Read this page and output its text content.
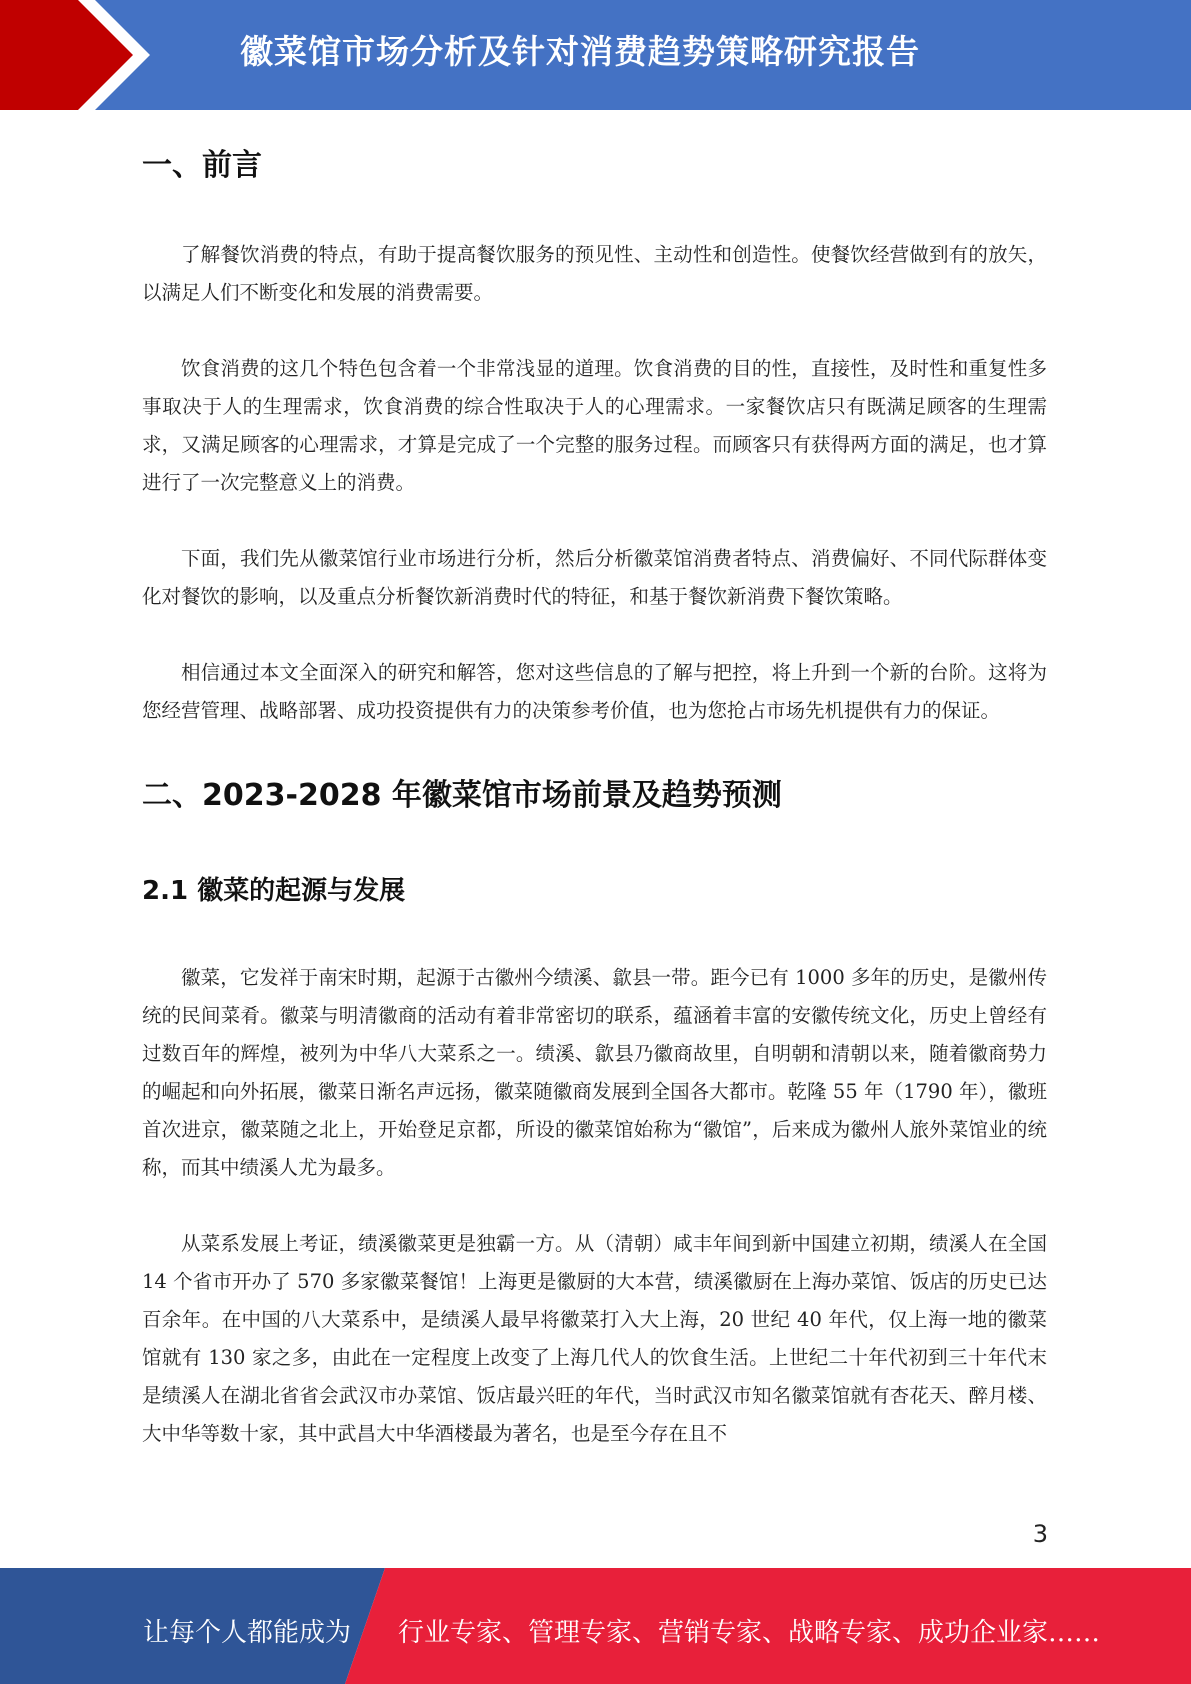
徽菜馆市场分析及针对消费趋势策略研究报告
一、前言

了解餐饮消费的特点，有助于提高餐饮服务的预见性、主动性和创造性。使餐饮经营做到有的放矢，以满足人们不断变化和发展的消费需要。

饮食消费的这几个特色包含着一个非常浅显的道理。饮食消费的目的性，直接性，及时性和重复性多事取决于人的生理需求，饮食消费的综合性取决于人的心理需求。一家餐饮店只有既满足顾客的生理需求，又满足顾客的心理需求，才算是完成了一个完整的服务过程。而顾客只有获得两方面的满足，也才算进行了一次完整意义上的消费。

下面，我们先从徽菜馆行业市场进行分析，然后分析徽菜馆消费者特点、消费偏好、不同代际群体变化对餐饮的影响，以及重点分析餐饮新消费时代的特征，和基于餐饮新消费下餐饮策略。

相信通过本文全面深入的研究和解答，您对这些信息的了解与把控，将上升到一个新的台阶。这将为您经营管理、战略部署、成功投资提供有力的决策参考价值，也为您抢占市场先机提供有力的保证。

二、2023-2028 年徽菜馆市场前景及趋势预测
2.1 徽菜的起源与发展

徽菜，它发祥于南宋时期，起源于古徽州今绩溪、歙县一带。距今已有 1000 多年的历史，是徽州传统的民间菜肴。徽菜与明清徽商的活动有着非常密切的联系，蕴涵着丰富的安徽传统文化，历史上曾经有过数百年的辉煌，被列为中华八大菜系之一。绩溪、歙县乃徽商故里，自明朝和清朝以来，随着徽商势力的崛起和向外拓展，徽菜日渐名声远扬，徽菜随徽商发展到全国各大都市。乾隆 55 年（1790 年），徽班首次进京，徽菜随之北上，开始登足京都，所设的徽菜馆始称为“徽馆”，后来成为徽州人旅外菜馆业的统称，而其中绩溪人尤为最多。

从菜系发展上考证，绩溪徽菜更是独霸一方。从（清朝）咸丰年间到新中国建立初期，绩溪人在全国 14 个省市开办了 570 多家徽菜餐馆！上海更是徽厨的大本营，绩溪徽厨在上海办菜馆、饭店的历史已达百余年。在中国的八大菜系中，是绩溪人最早将徽菜打入大上海，20 世纪 40 年代，仅上海一地的徽菜馆就有 130 家之多，由此在一定程度上改变了上海几代人的饮食生活。上世纪二十年代初到三十年代末是绩溪人在湖北省省会武汉市办菜馆、饭店最兴旺的年代，当时武汉市知名徽菜馆就有杏花天、醉月楼、大中华等数十家，其中武昌大中华酒楼最为著名，也是至今存在且不

3
让每个人都能成为 行业专家、管理专家、营销专家、战略专家、成功企业家……
